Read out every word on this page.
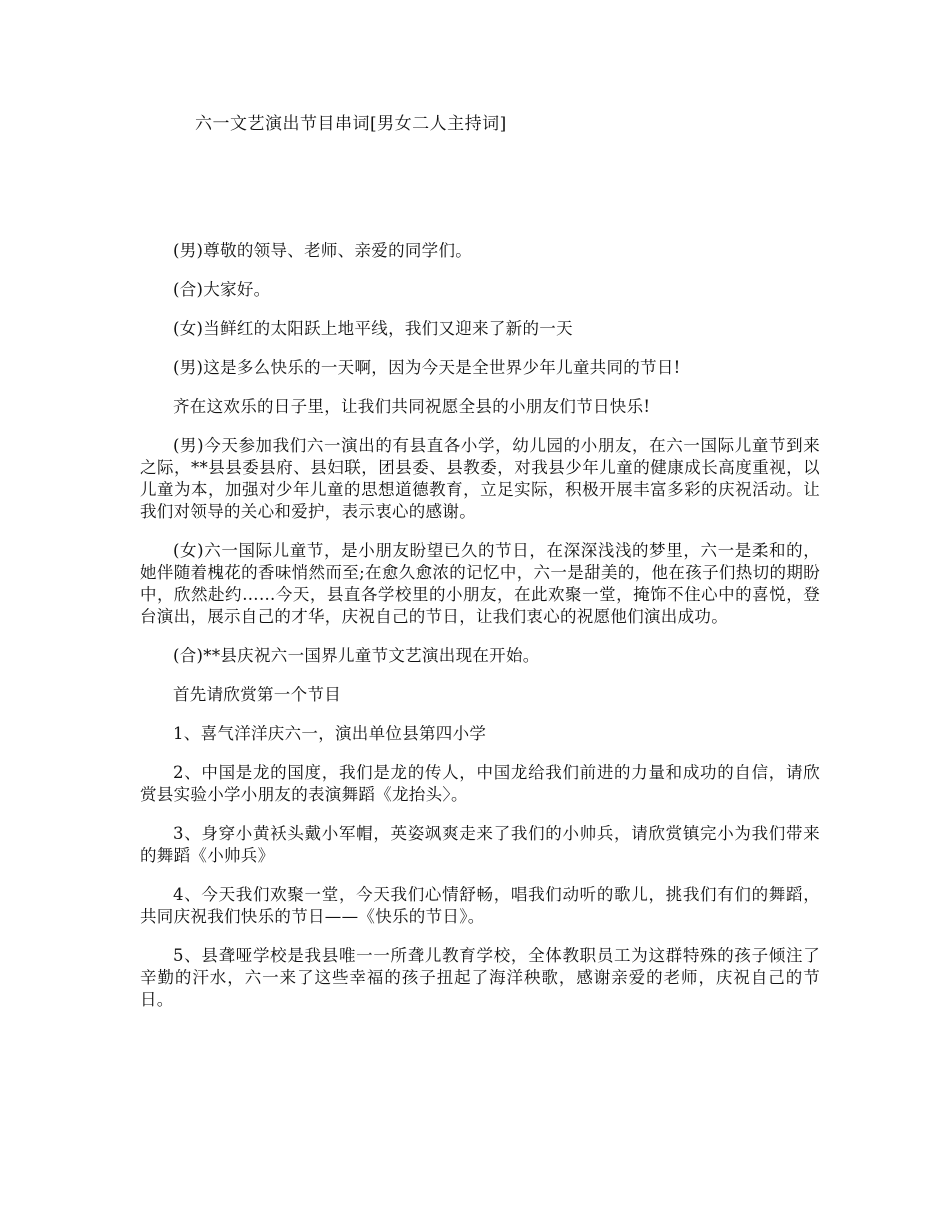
六一文艺演出节目串词[男女二人主持词]

(男)尊敬的领导、老师、亲爱的同学们。

(合)大家好。

(女)当鲜红的太阳跃上地平线，我们又迎来了新的一天

(男)这是多么快乐的一天啊，因为今天是全世界少年儿童共同的节日!

齐在这欢乐的日子里，让我们共同祝愿全县的小朋友们节日快乐!

(男)今天参加我们六一演出的有县直各小学，幼儿园的小朋友，在六一国际儿童节到来之际，**县县委县府、县妇联，团县委、县教委，对我县少年儿童的健康成长高度重视，以儿童为本，加强对少年儿童的思想道德教育，立足实际，积极开展丰富多彩的庆祝活动。让我们对领导的关心和爱护，表示衷心的感谢。

(女)六一国际儿童节，是小朋友盼望已久的节日，在深深浅浅的梦里，六一是柔和的，她伴随着槐花的香味悄然而至;在愈久愈浓的记忆中，六一是甜美的，他在孩子们热切的期盼中，欣然赴约……今天，县直各学校里的小朋友，在此欢聚一堂，掩饰不住心中的喜悦，登台演出，展示自己的才华，庆祝自己的节日，让我们衷心的祝愿他们演出成功。

(合)**县庆祝六一国界儿童节文艺演出现在开始。

首先请欣赏第一个节目

1、喜气洋洋庆六一，演出单位县第四小学

2、中国是龙的国度，我们是龙的传人，中国龙给我们前进的力量和成功的自信，请欣赏县实验小学小朋友的表演舞蹈《龙抬头〉。

3、身穿小黄袄头戴小军帽，英姿飒爽走来了我们的小帅兵，请欣赏镇完小为我们带来的舞蹈《小帅兵》

4、今天我们欢聚一堂，今天我们心情舒畅，唱我们动听的歌儿，挑我们有们的舞蹈，共同庆祝我们快乐的节日——《快乐的节日》。

5、县聋哑学校是我县唯一一所聋儿教育学校，全体教职员工为这群特殊的孩子倾注了辛勤的汗水，六一来了这些幸福的孩子扭起了海洋秧歌，感谢亲爱的老师，庆祝自己的节日。
